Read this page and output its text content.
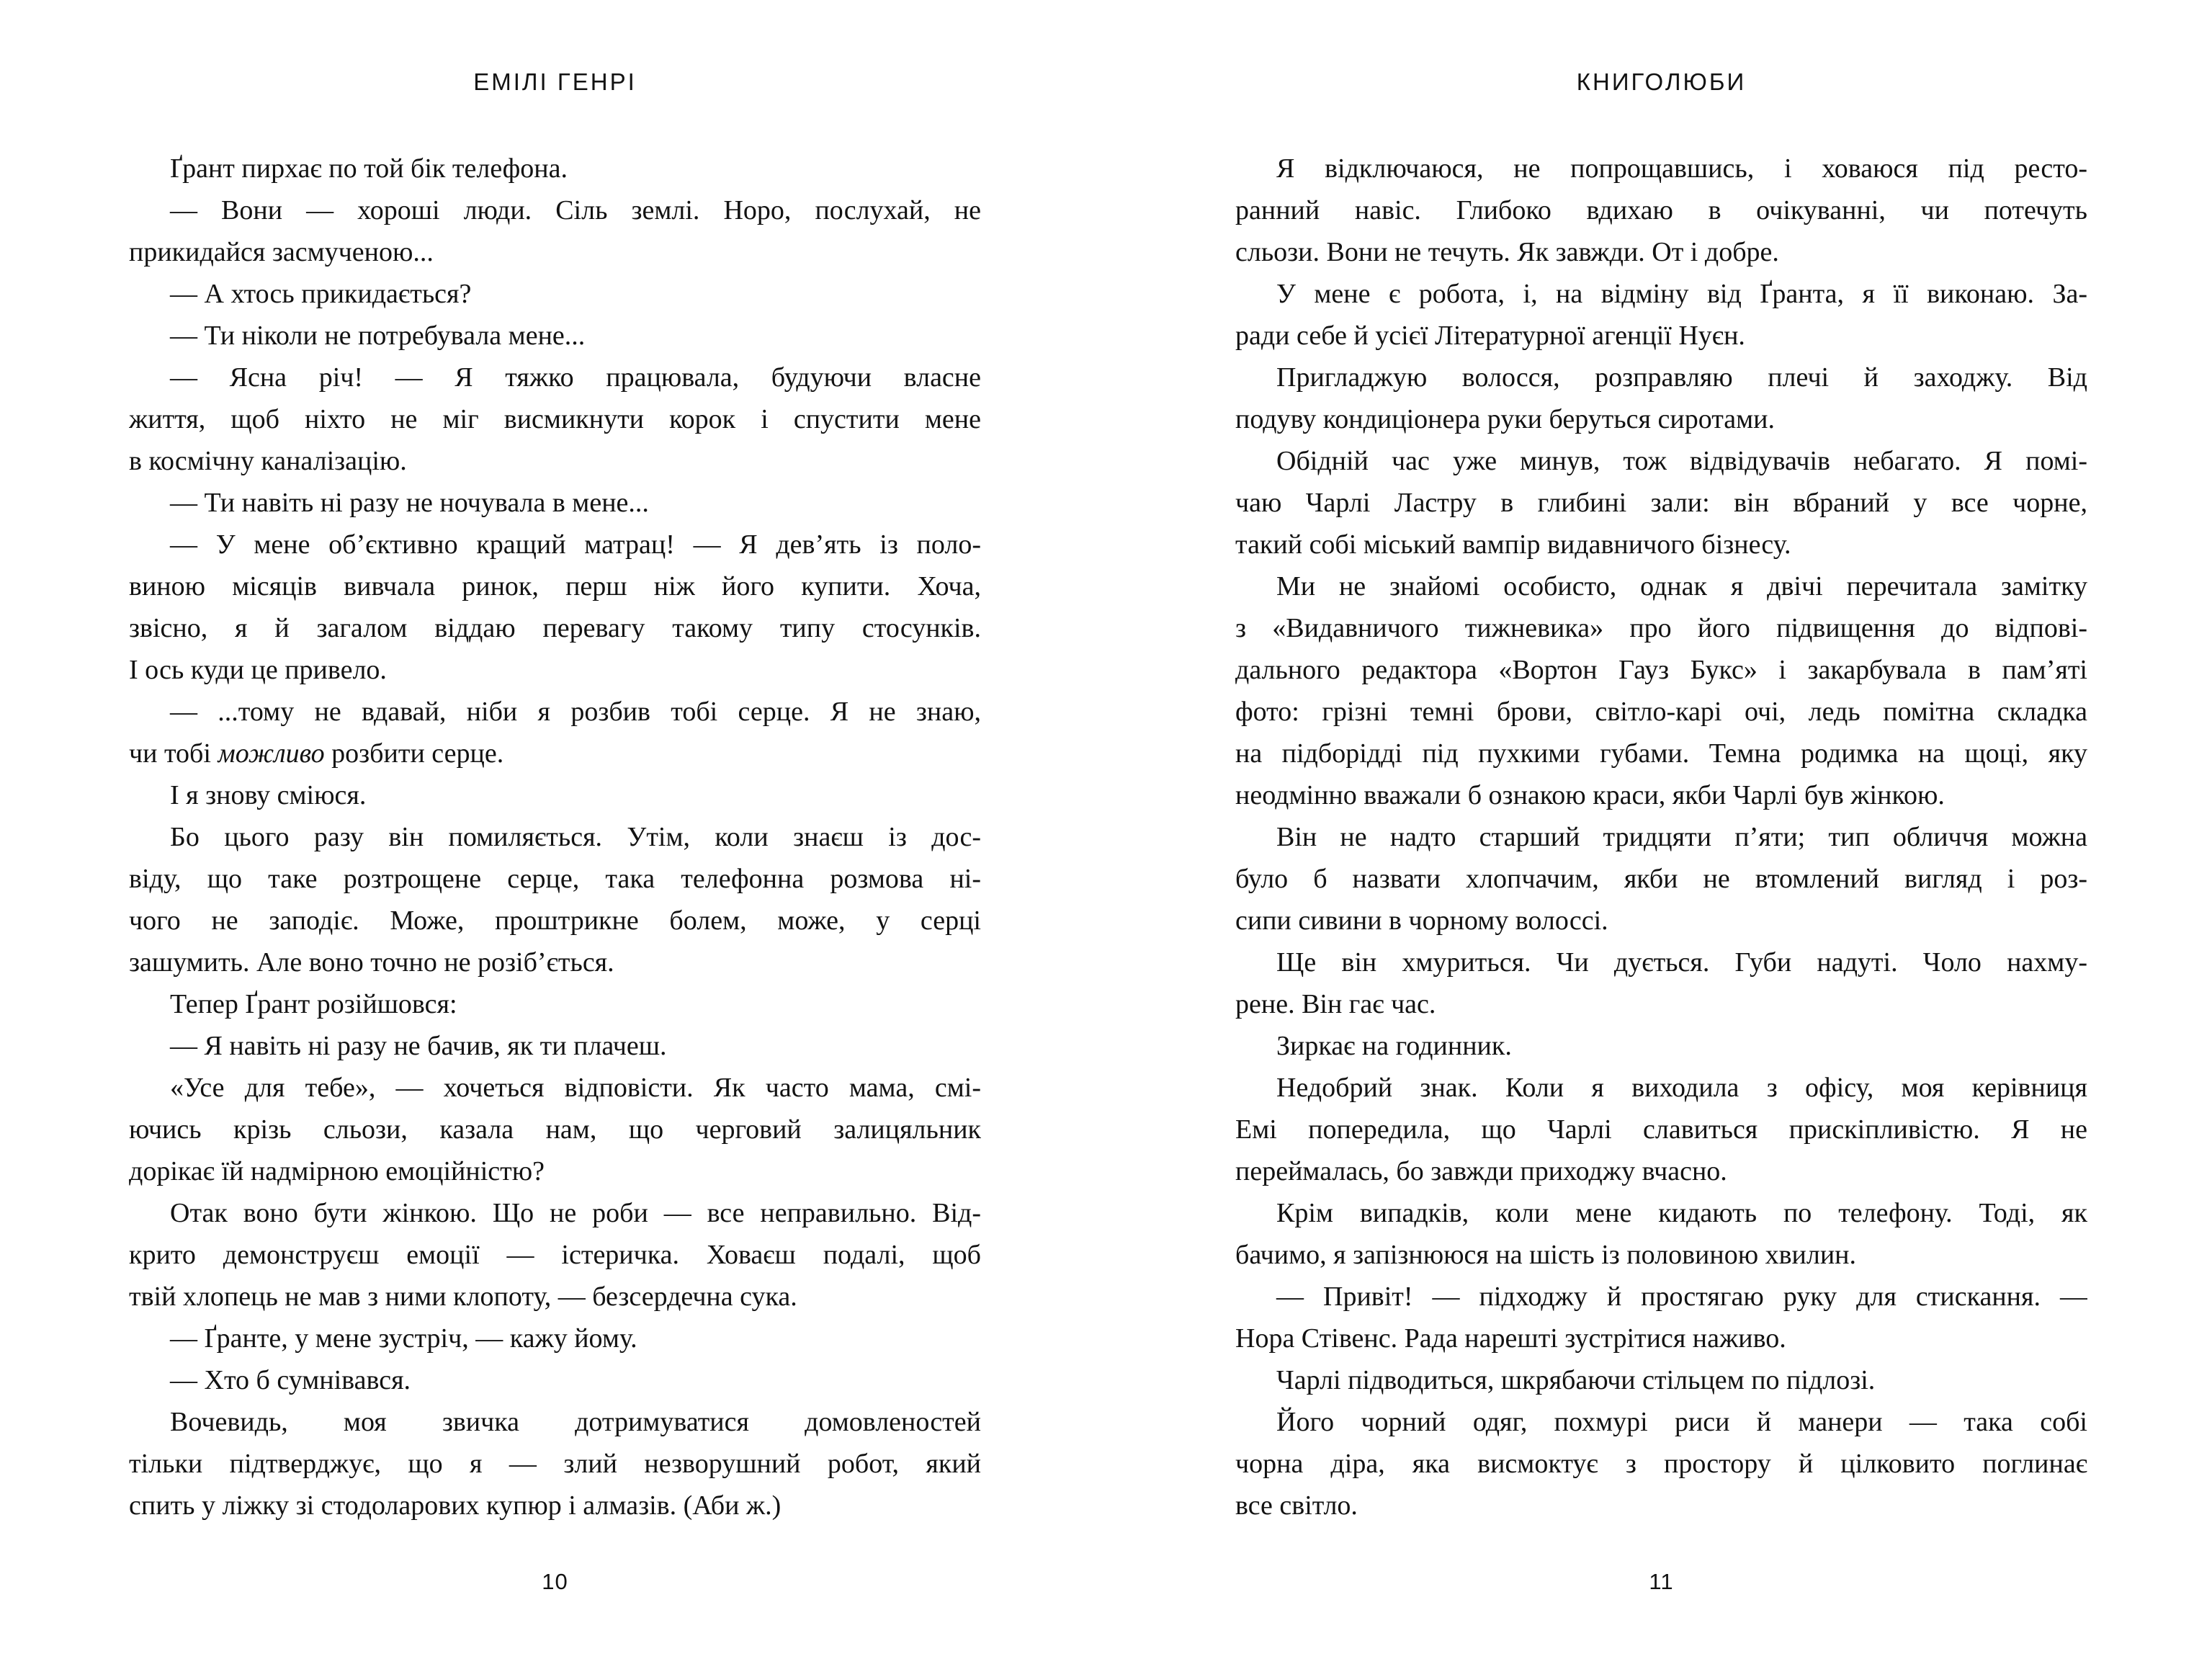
ЕМІЛІ ГЕНРІ
Ґрант пирхає по той бік телефона.
— Вони — хороші люди. Сіль землі. Норо, послухай, не
прикидайся засмученою...
— А хтось прикидається?
— Ти ніколи не потребувала мене...
— Ясна річ! — Я тяжко працювала, будуючи власне
життя, щоб ніхто не міг висмикнути корок і спустити мене
в космічну каналізацію.
— Ти навіть ні разу не ночувала в мене...
— У мене об’єктивно кращий матрац! — Я дев’ять із поло-
виною місяців вивчала ринок, перш ніж його купити. Хоча,
звісно, я й загалом віддаю перевагу такому типу стосунків.
І ось куди це привело.
— ...тому не вдавай, ніби я розбив тобі серце. Я не знаю,
чи тобі можливо розбити серце.
І я знову сміюся.
Бо цього разу він помиляється. Утім, коли знаєш із дос-
віду, що таке розтрощене серце, така телефонна розмова ні-
чого не заподіє. Може, проштрикне болем, може, у серці
зашумить. Але воно точно не розіб’ється.
Тепер Ґрант розійшовся:
— Я навіть ні разу не бачив, як ти плачеш.
«Усе для тебе», — хочеться відповісти. Як часто мама, смі-
ючись крізь сльози, казала нам, що черговий залицяльник
дорікає їй надмірною емоційністю?
Отак воно бути жінкою. Що не роби — все неправильно. Від-
крито демонструєш емоції — істеричка. Ховаєш подалі, щоб
твій хлопець не мав з ними клопоту, — безсердечна сука.
— Ґранте, у мене зустріч, — кажу йому.
— Хто б сумнівався.
Вочевидь, моя звичка дотримуватися домовленостей
тільки підтверджує, що я — злий незворушний робот, який
спить у ліжку зі стодоларових купюр і алмазів. (Аби ж.)
10
КНИГОЛЮБИ
Я відключаюся, не попрощавшись, і ховаюся під ресто-
ранний навіс. Глибоко вдихаю в очікуванні, чи потечуть
сльози. Вони не течуть. Як завжди. От і добре.
У мене є робота, і, на відміну від Ґранта, я її виконаю. За-
ради себе й усієї Літературної агенції Нуєн.
Пригладжую волосся, розправляю плечі й заходжу. Від
подуву кондиціонера руки беруться сиротами.
Обідній час уже минув, тож відвідувачів небагато. Я помі-
чаю Чарлі Ластру в глибині зали: він вбраний у все чорне,
такий собі міський вампір видавничого бізнесу.
Ми не знайомі особисто, однак я двічі перечитала замітку
з «Видавничого тижневика» про його підвищення до відпові-
дального редактора «Вортон Гауз Букс» і закарбувала в пам’яті
фото: грізні темні брови, світло-карі очі, ледь помітна складка
на підборідді під пухкими губами. Темна родимка на щоці, яку
неодмінно вважали б ознакою краси, якби Чарлі був жінкою.
Він не надто старший тридцяти п’яти; тип обличчя можна
було б назвати хлопчачим, якби не втомлений вигляд і роз-
сипи сивини в чорному волоссі.
Ще він хмуриться. Чи дується. Губи надуті. Чоло нахму-
рене. Він гає час.
Зиркає на годинник.
Недобрий знак. Коли я виходила з офісу, моя керівниця
Емі попередила, що Чарлі славиться прискіпливістю. Я не
переймалась, бо завжди приходжу вчасно.
Крім випадків, коли мене кидають по телефону. Тоді, як
бачимо, я запізнююся на шість із половиною хвилин.
— Привіт! — підходжу й простягаю руку для стискання. —
Нора Стівенс. Рада нарешті зустрітися наживо.
Чарлі підводиться, шкрябаючи стільцем по підлозі.
Його чорний одяг, похмурі риси й манери — така собі
чорна діра, яка висмоктує з простору й цілковито поглинає
все світло.
11
